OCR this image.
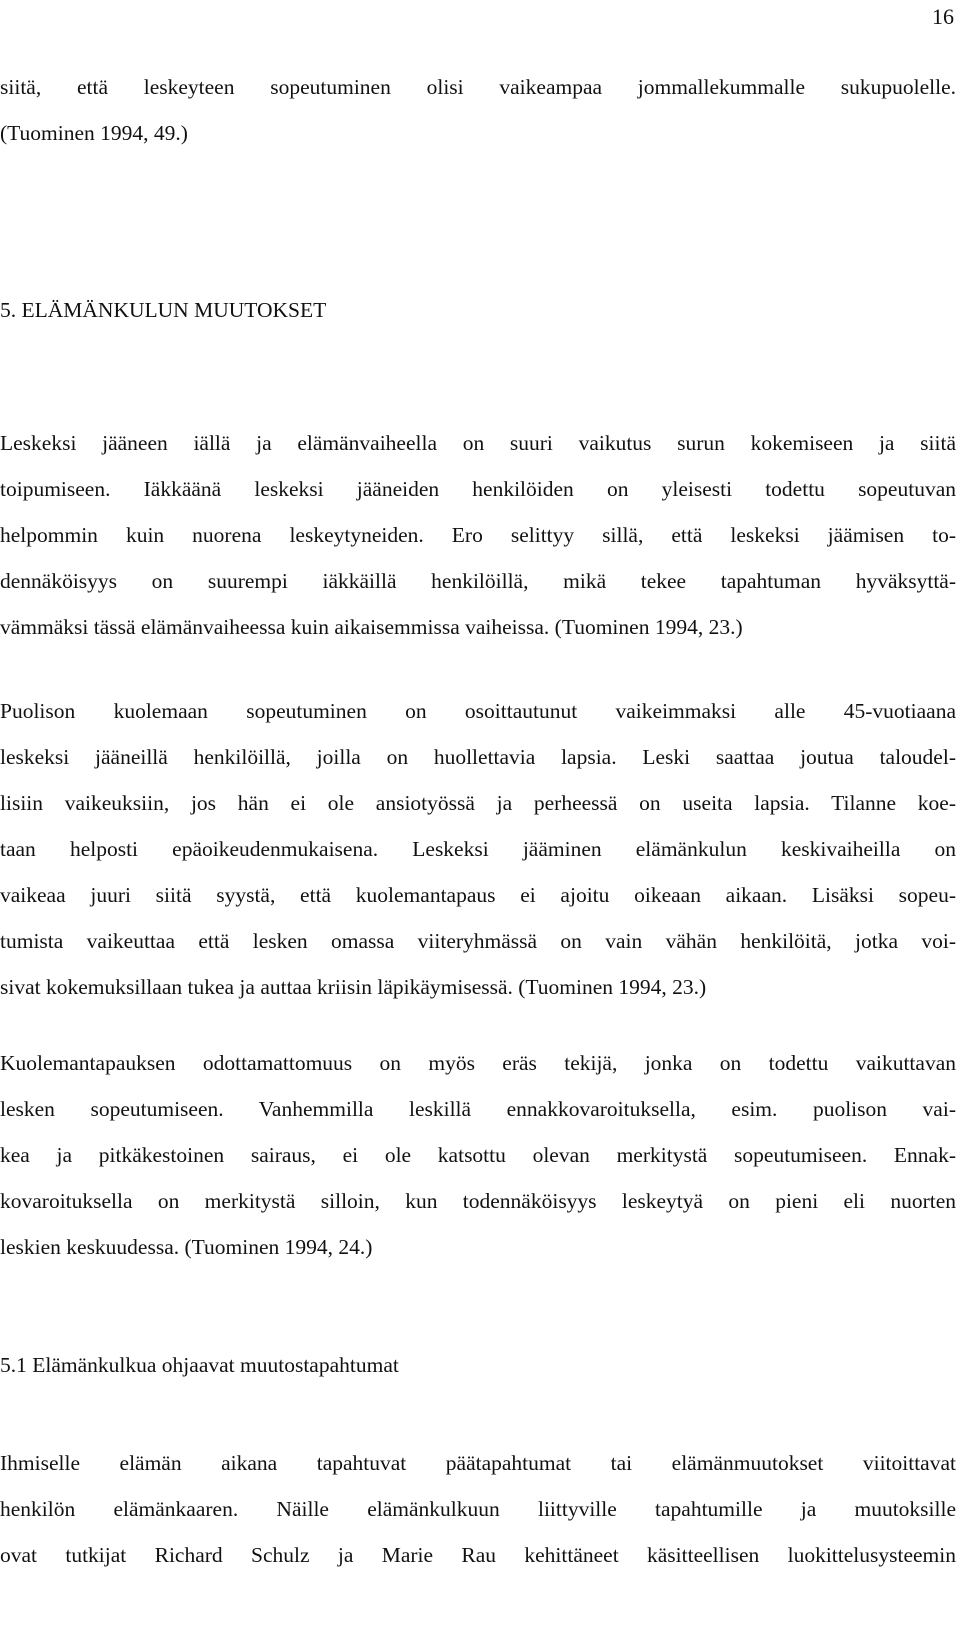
16
siitä, että leskeyteen sopeutuminen olisi vaikeampaa jommallekummalle sukupuolelle.
(Tuominen 1994, 49.)
5. ELÄMÄNKULUN MUUTOKSET
Leskeksi jääneen iällä ja elämänvaiheella on suuri vaikutus surun kokemiseen ja siitä
toipumiseen. Iäkkäänä leskeksi jääneiden henkilöiden on yleisesti todettu sopeutuvan
helpommin kuin nuorena leskeytyneiden. Ero selittyy sillä, että leskeksi jäämisen to-
dennäköisyys on suurempi iäkkäillä henkilöillä, mikä tekee tapahtuman hyväksyttä-
vämmäksi tässä elämänvaiheessa kuin aikaisemmissa vaiheissa. (Tuominen 1994, 23.)
Puolison kuolemaan sopeutuminen on osoittautunut vaikeimmaksi alle 45-vuotiaana
leskeksi jääneillä henkilöillä, joilla on huollettavia lapsia. Leski saattaa joutua taloudel-
lisiin vaikeuksiin, jos hän ei ole ansiotyössä ja perheessä on useita lapsia. Tilanne koe-
taan helposti epäoikeudenmukaisena. Leskeksi jääminen elämänkulun keskivaiheilla on
vaikeaa juuri siitä syystä, että kuolemantapaus ei ajoitu oikeaan aikaan. Lisäksi sopeu-
tumista vaikeuttaa että lesken omassa viiteryhmässä on vain vähän henkilöitä, jotka voi-
sivat kokemuksillaan tukea ja auttaa kriisin läpikäymisessä. (Tuominen 1994, 23.)
Kuolemantapauksen odottamattomuus on myös eräs tekijä, jonka on todettu vaikuttavan
lesken sopeutumiseen. Vanhemmilla leskillä ennakkovaroituksella, esim. puolison vai-
kea ja pitkäkestoinen sairaus, ei ole katsottu olevan merkitystä sopeutumiseen. Ennak-
kovaroituksella on merkitystä silloin, kun todennäköisyys leskeytyä on pieni eli nuorten
leskien keskuudessa. (Tuominen 1994, 24.)
5.1 Elämänkulkua ohjaavat muutostapahtumat
Ihmiselle elämän aikana tapahtuvat päätapahtumat tai elämänmuutokset viitoittavat
henkilön elämänkaaren. Näille elämänkulkuun liittyville tapahtumille ja muutoksille
ovat tutkijat Richard Schulz ja Marie Rau kehittäneet käsitteellisen luokittelusysteemin
